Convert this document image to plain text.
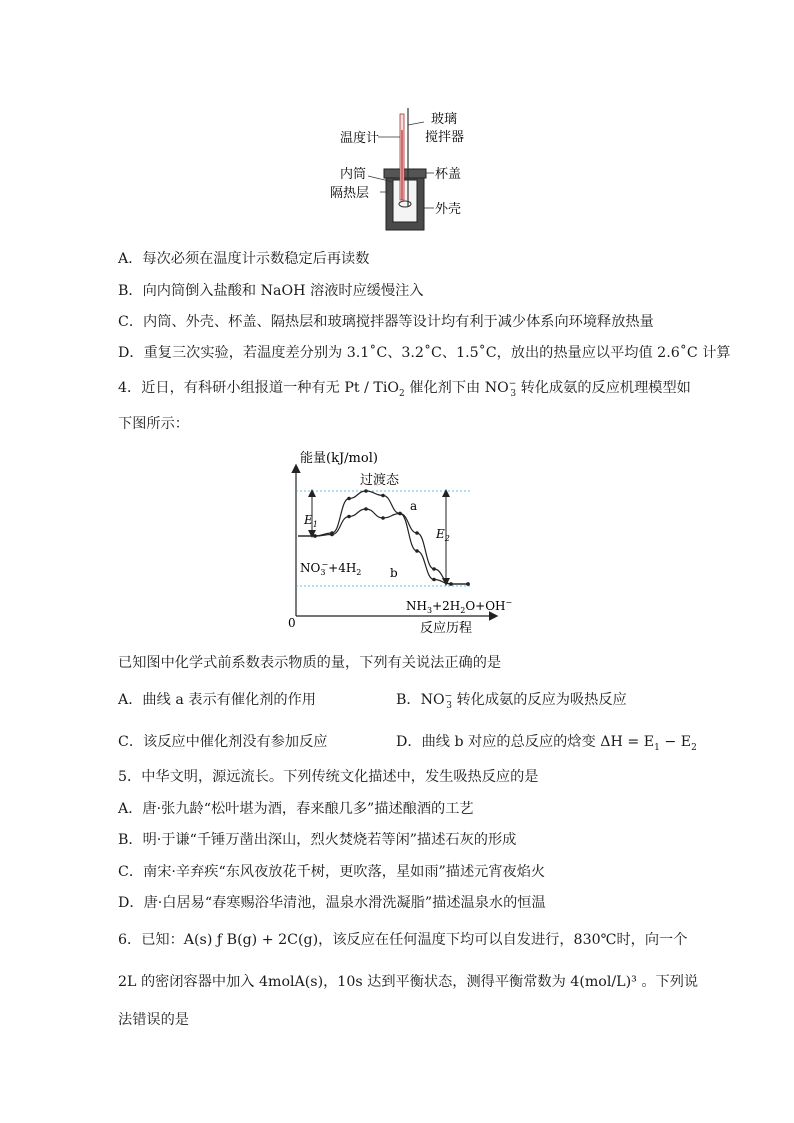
温度计
玻璃
搅拌器
内筒
隔热层
杯盖
外壳
A．每次必须在温度计示数稳定后再读数
B．向内筒倒入盐酸和 NaOH 溶液时应缓慢注入
C．内筒、外壳、杯盖、隔热层和玻璃搅拌器等设计均有利于减少体系向环境释放热量
D．重复三次实验，若温度差分别为 3.1˚C、3.2˚C、1.5˚C，放出的热量应以平均值 2.6˚C 计算
4．近日，有科研小组报道一种有无 Pt / TiO$_2$ 催化剂下由 $NO^-_3$ 转化成氨的反应机理模型如
下图所示：
能量(kJ/mol)
反应历程
0
过渡态
$E_1$
$E_2$
a
b
$NO_3-+4H_2$
$NH_3+2H_2O+OH^-$
已知图中化学式前系数表示物质的量，下列有关说法正确的是
A．曲线 a 表示有催化剂的作用	B．$NO^-_3$ 转化成氨的反应为吸热反应
C．该反应中催化剂没有参加反应	D．曲线 b 对应的总反应的焓变 $\Delta H = E_1 - E_2$
5．中华文明，源远流长。下列传统文化描述中，发生吸热反应的是
A．唐·张九龄“松叶堪为酒，春来酿几多”描述酿酒的工艺
B．明·于谦“千锤万凿出深山，烈火焚烧若等闲”描述石灰的形成
C．南宋·辛弃疾“东风夜放花千树，更吹落，星如雨”描述元宵夜焰火
D．唐·白居易“春寒赐浴华清池，温泉水滑洗凝脂”描述温泉水的恒温
6．已知：A(s) ƒ B(g) + 2C(g)，该反应在任何温度下均可以自发进行，830℃时，向一个
2L 的密闭容器中加入 4molA(s)，10s 达到平衡状态，测得平衡常数为 4(mol/L)³ 。下列说
法错误的是
